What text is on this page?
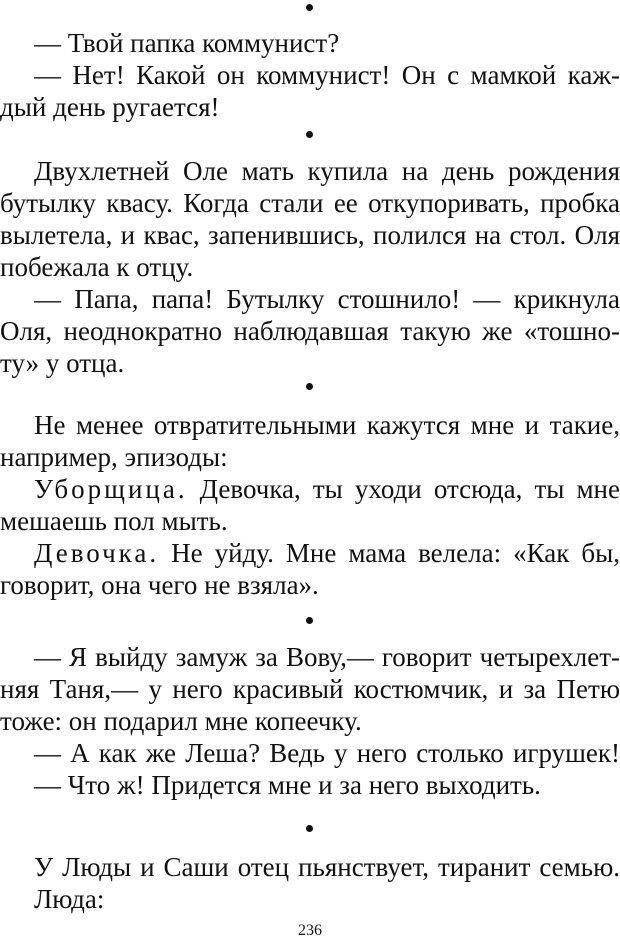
— Твой папка коммунист?
— Нет! Какой он коммунист! Он с мамкой каж-
дый день ругается!
Двухлетней Оле мать купила на день рождения
бутылку квасу. Когда стали ее откупоривать, пробка
вылетела, и квас, запенившись, полился на стол. Оля
побежала к отцу.
— Папа, папа! Бутылку стошнило! — крикнула
Оля, неоднократно наблюдавшая такую же «тошно-
ту» у отца.
Не менее отвратительными кажутся мне и такие,
например, эпизоды:
Уборщица. Девочка, ты уходи отсюда, ты мне
мешаешь пол мыть.
Девочка. Не уйду. Мне мама велела: «Как бы,
говорит, она чего не взяла».
— Я выйду замуж за Вову,— говорит четырехлет-
няя Таня,— у него красивый костюмчик, и за Петю
тоже: он подарил мне копеечку.
— А как же Леша? Ведь у него столько игрушек!
— Что ж! Придется мне и за него выходить.
У Люды и Саши отец пьянствует, тиранит семью.
Люда:
236
